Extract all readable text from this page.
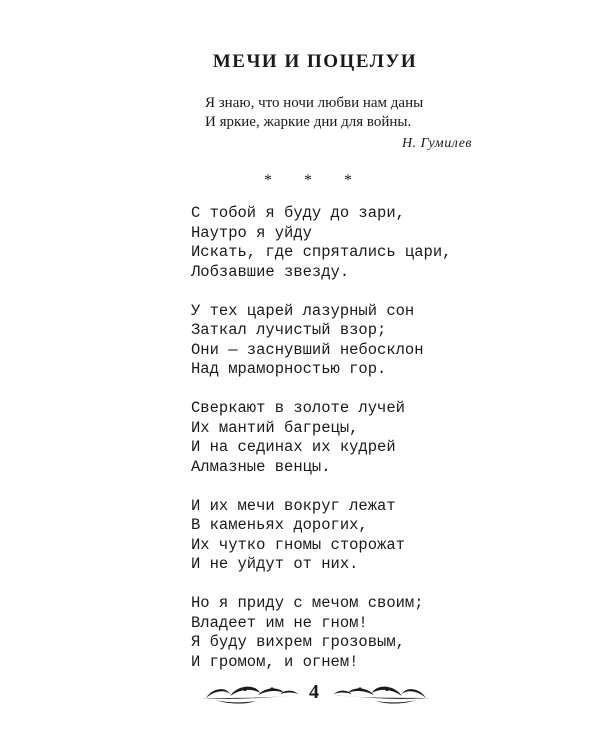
МЕЧИ И ПОЦЕЛУИ
Я знаю, что ночи любви нам даны
И яркие, жаркие дни для войны.
Н. Гумилев
* * *
С тобой я буду до зари,
Наутро я уйду
Искать, где спрятались цари,
Лобзавшие звезду.
У тех царей лазурный сон
Заткал лучистый взор;
Они — заснувший небосклон
Над мраморностью гор.
Сверкают в золоте лучей
Их мантий багрецы,
И на сединах их кудрей
Алмазные венцы.
И их мечи вокруг лежат
В каменьях дорогих,
Их чутко гномы сторожат
И не уйдут от них.
Но я приду с мечом своим;
Владеет им не гном!
Я буду вихрем грозовым,
И громом, и огнем!
4
